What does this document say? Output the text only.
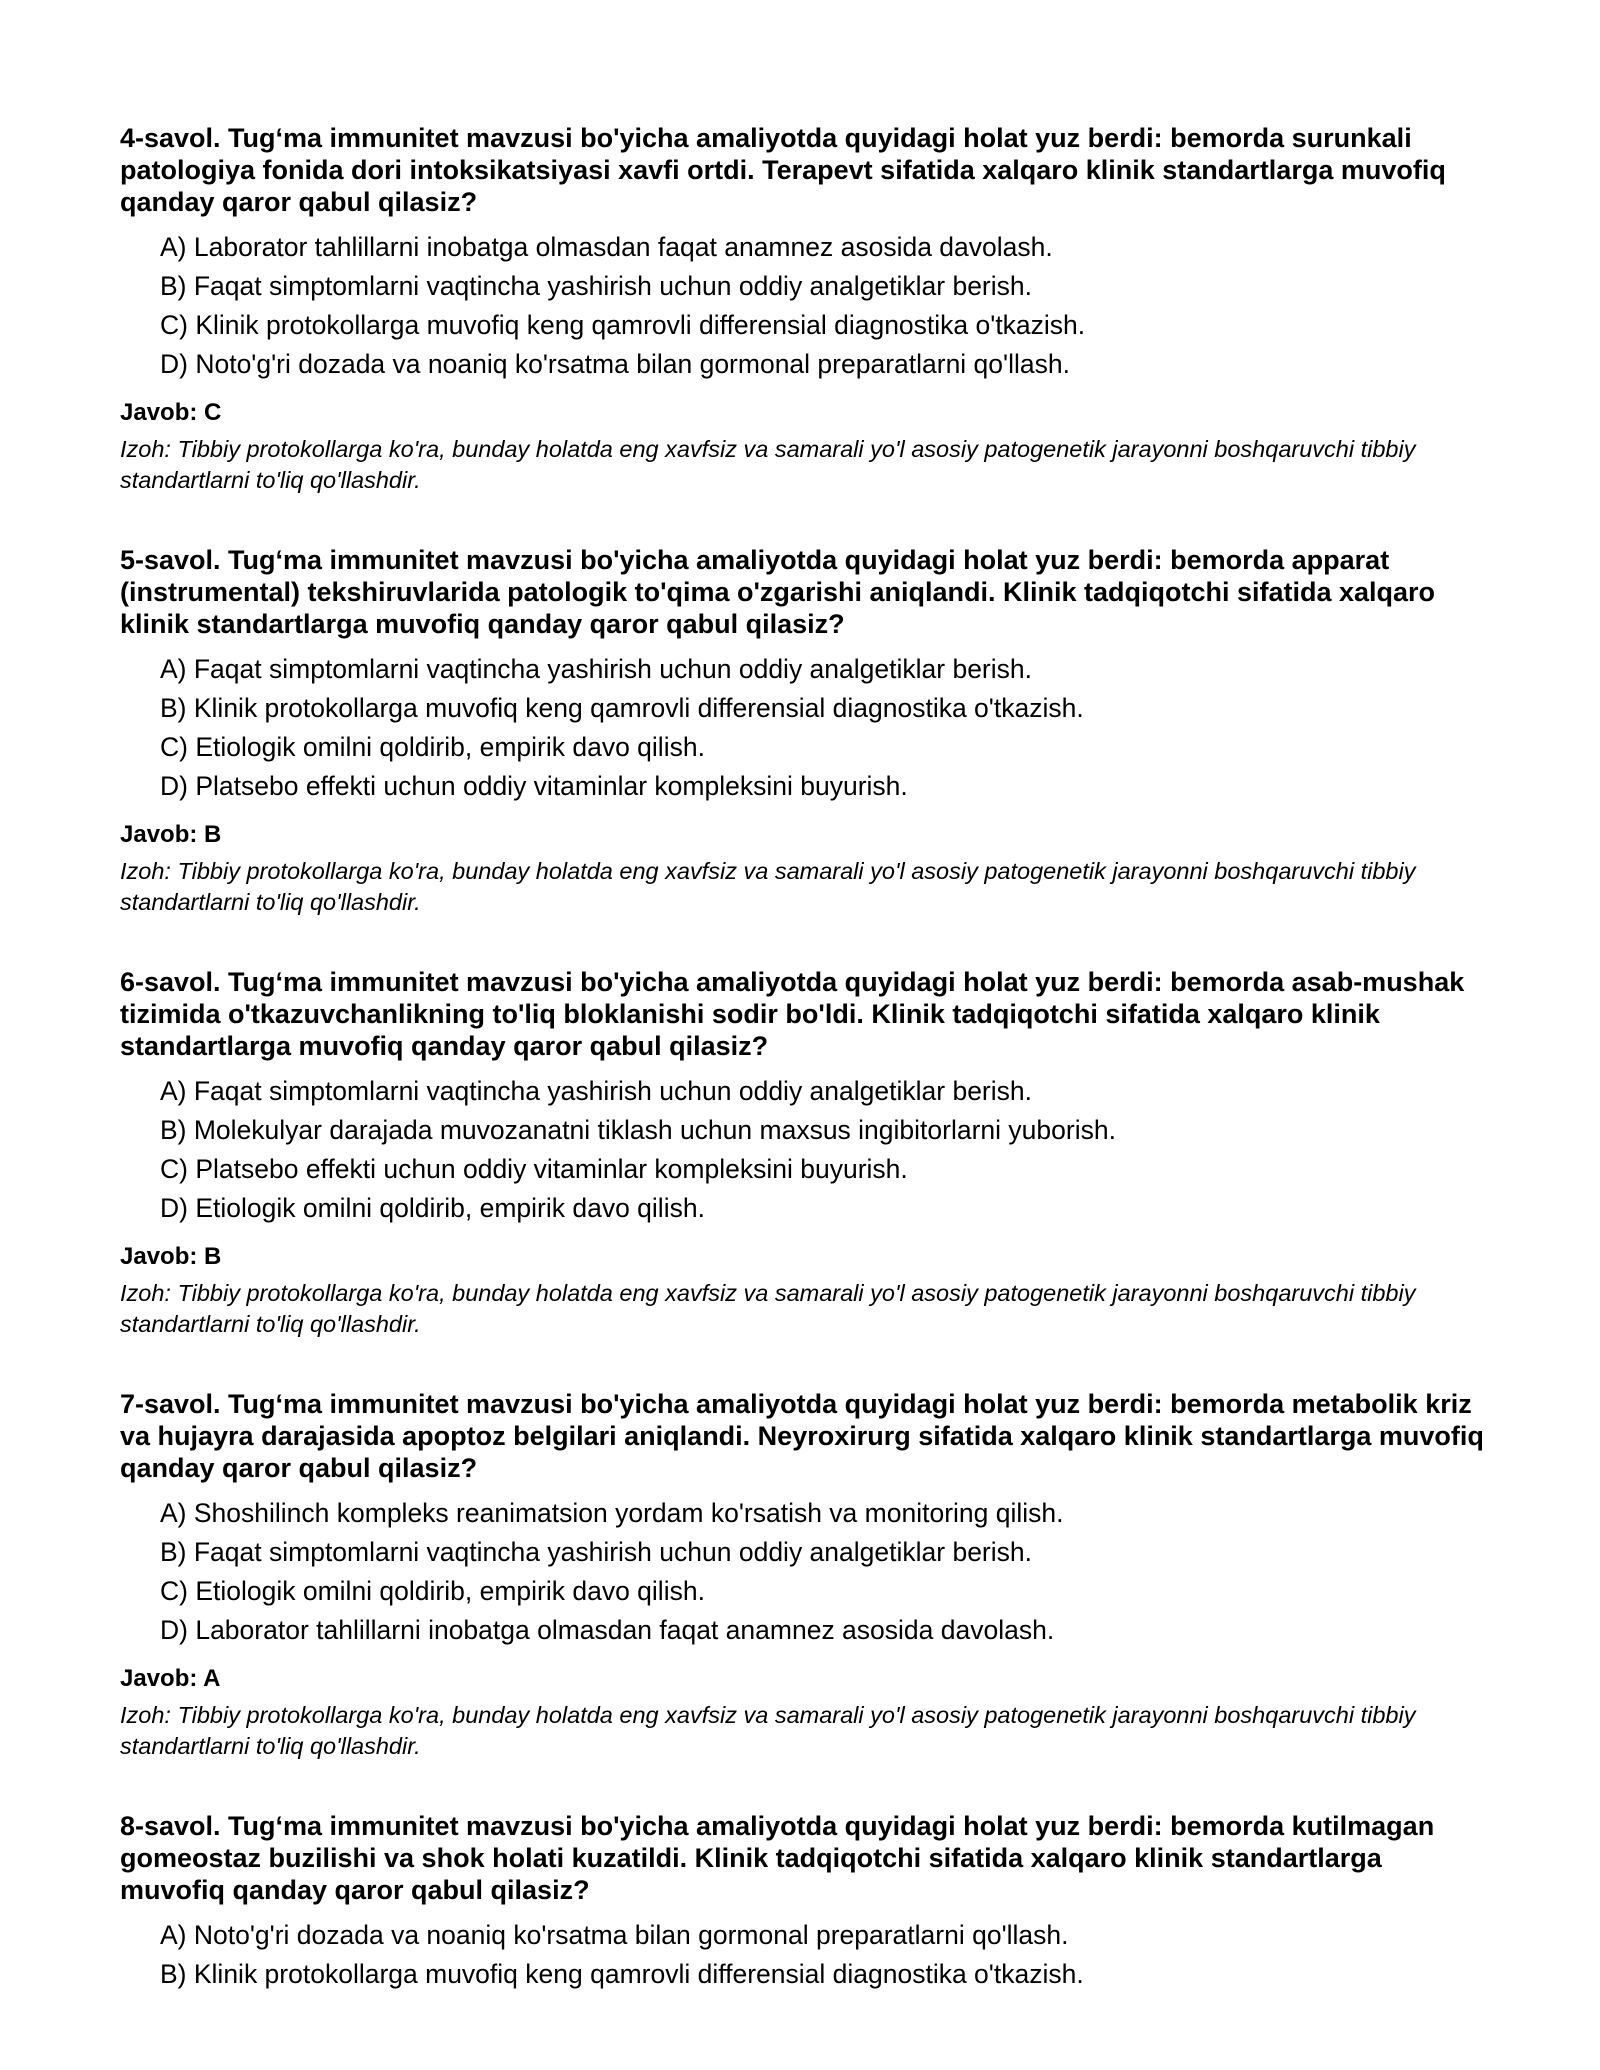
4-savol. Tug‘ma immunitet mavzusi bo'yicha amaliyotda quyidagi holat yuz berdi: bemorda surunkali patologiya fonida dori intoksikatsiyasi xavfi ortdi. Terapevt sifatida xalqaro klinik standartlarga muvofiq qanday qaror qabul qilasiz?

A) Laborator tahlillarni inobatga olmasdan faqat anamnez asosida davolash.
B) Faqat simptomlarni vaqtincha yashirish uchun oddiy analgetiklar berish.
C) Klinik protokollarga muvofiq keng qamrovli differensial diagnostika o'tkazish.
D) Noto'g'ri dozada va noaniq ko'rsatma bilan gormonal preparatlarni qo'llash.

Javob: C

Izoh: Tibbiy protokollarga ko'ra, bunday holatda eng xavfsiz va samarali yo'l asosiy patogenetik jarayonni boshqaruvchi tibbiy standartlarni to'liq qo'llashdir.

5-savol. Tug‘ma immunitet mavzusi bo'yicha amaliyotda quyidagi holat yuz berdi: bemorda apparat (instrumental) tekshiruvlarida patologik to'qima o'zgarishi aniqlandi. Klinik tadqiqotchi sifatida xalqaro klinik standartlarga muvofiq qanday qaror qabul qilasiz?

A) Faqat simptomlarni vaqtincha yashirish uchun oddiy analgetiklar berish.
B) Klinik protokollarga muvofiq keng qamrovli differensial diagnostika o'tkazish.
C) Etiologik omilni qoldirib, empirik davo qilish.
D) Platsebo effekti uchun oddiy vitaminlar kompleksini buyurish.

Javob: B

Izoh: Tibbiy protokollarga ko'ra, bunday holatda eng xavfsiz va samarali yo'l asosiy patogenetik jarayonni boshqaruvchi tibbiy standartlarni to'liq qo'llashdir.

6-savol. Tug‘ma immunitet mavzusi bo'yicha amaliyotda quyidagi holat yuz berdi: bemorda asab-mushak tizimida o'tkazuvchanlikning to'liq bloklanishi sodir bo'ldi. Klinik tadqiqotchi sifatida xalqaro klinik standartlarga muvofiq qanday qaror qabul qilasiz?

A) Faqat simptomlarni vaqtincha yashirish uchun oddiy analgetiklar berish.
B) Molekulyar darajada muvozanatni tiklash uchun maxsus ingibitorlarni yuborish.
C) Platsebo effekti uchun oddiy vitaminlar kompleksini buyurish.
D) Etiologik omilni qoldirib, empirik davo qilish.

Javob: B

Izoh: Tibbiy protokollarga ko'ra, bunday holatda eng xavfsiz va samarali yo'l asosiy patogenetik jarayonni boshqaruvchi tibbiy standartlarni to'liq qo'llashdir.

7-savol. Tug‘ma immunitet mavzusi bo'yicha amaliyotda quyidagi holat yuz berdi: bemorda metabolik kriz va hujayra darajasida apoptoz belgilari aniqlandi. Neyroxirurg sifatida xalqaro klinik standartlarga muvofiq qanday qaror qabul qilasiz?

A) Shoshilinch kompleks reanimatsion yordam ko'rsatish va monitoring qilish.
B) Faqat simptomlarni vaqtincha yashirish uchun oddiy analgetiklar berish.
C) Etiologik omilni qoldirib, empirik davo qilish.
D) Laborator tahlillarni inobatga olmasdan faqat anamnez asosida davolash.

Javob: A

Izoh: Tibbiy protokollarga ko'ra, bunday holatda eng xavfsiz va samarali yo'l asosiy patogenetik jarayonni boshqaruvchi tibbiy standartlarni to'liq qo'llashdir.

8-savol. Tug‘ma immunitet mavzusi bo'yicha amaliyotda quyidagi holat yuz berdi: bemorda kutilmagan gomeostaz buzilishi va shok holati kuzatildi. Klinik tadqiqotchi sifatida xalqaro klinik standartlarga muvofiq qanday qaror qabul qilasiz?

A) Noto'g'ri dozada va noaniq ko'rsatma bilan gormonal preparatlarni qo'llash.
B) Klinik protokollarga muvofiq keng qamrovli differensial diagnostika o'tkazish.
